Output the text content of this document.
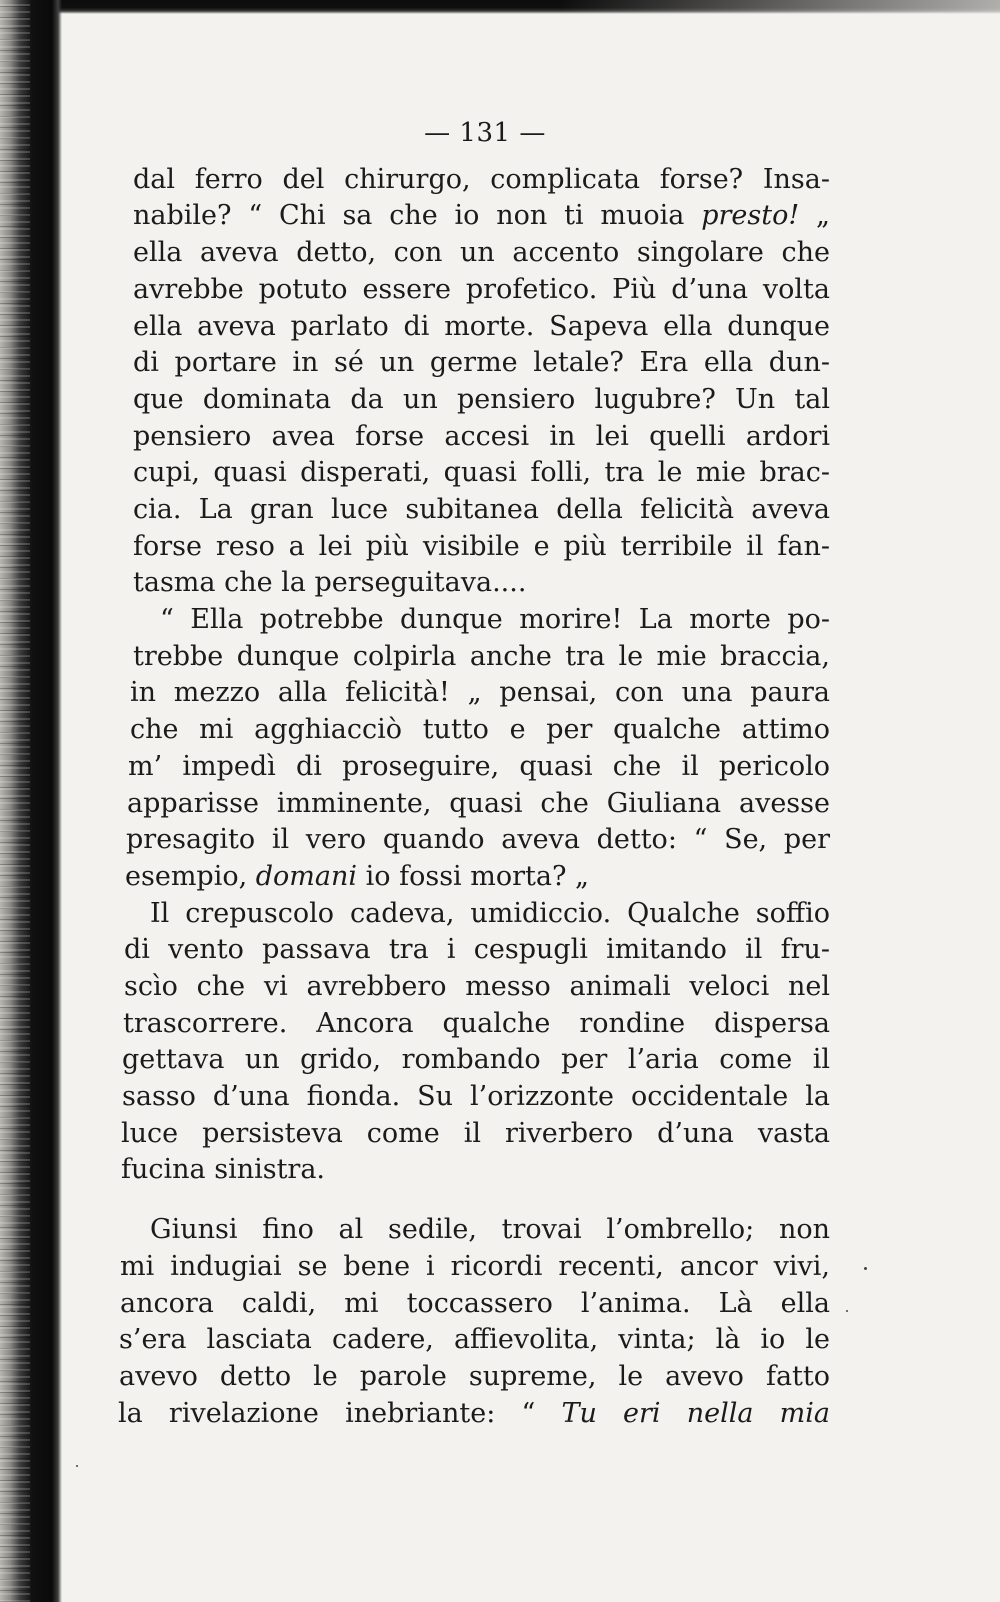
— 131 —
dal ferro del chirurgo, complicata forse? Insa-
nabile? “ Chi sa che io non ti muoia presto! „
ella aveva detto, con un accento singolare che
avrebbe potuto essere profetico. Più d’una volta
ella aveva parlato di morte. Sapeva ella dunque
di portare in sé un germe letale? Era ella dun-
que dominata da un pensiero lugubre? Un tal
pensiero avea forse accesi in lei quelli ardori
cupi, quasi disperati, quasi folli, tra le mie brac-
cia. La gran luce subitanea della felicità aveva
forse reso a lei più visibile e più terribile il fan-
tasma che la perseguitava....
“ Ella potrebbe dunque morire! La morte po-
trebbe dunque colpirla anche tra le mie braccia,
in mezzo alla felicità! „ pensai, con una paura
che mi agghiacciò tutto e per qualche attimo
m’ impedì di proseguire, quasi che il pericolo
apparisse imminente, quasi che Giuliana avesse
presagito il vero quando aveva detto: “ Se, per
esempio, domani io fossi morta? „
Il crepuscolo cadeva, umidiccio. Qualche soffio
di vento passava tra i cespugli imitando il fru-
scìo che vi avrebbero messo animali veloci nel
trascorrere. Ancora qualche rondine dispersa
gettava un grido, rombando per l’aria come il
sasso d’una fionda. Su l’orizzonte occidentale la
luce persisteva come il riverbero d’una vasta
fucina sinistra.
Giunsi fino al sedile, trovai l’ombrello; non
mi indugiai se bene i ricordi recenti, ancor vivi,
ancora caldi, mi toccassero l’anima. Là ella
s’era lasciata cadere, affievolita, vinta; là io le
avevo detto le parole supreme, le avevo fatto
la rivelazione inebriante: “ Tu eri nella mia
